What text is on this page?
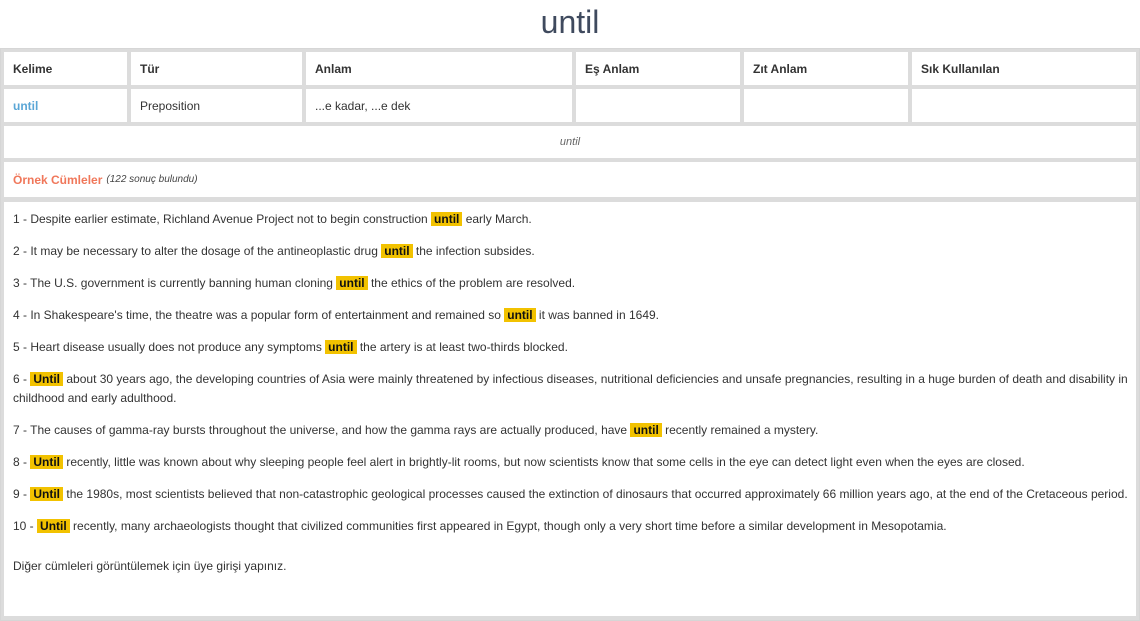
until
Kelime	Tür	Anlam	Eş Anlam	Zıt Anlam	Sık Kullanılan
until	Preposition	...e kadar, ...e dek
until
Örnek Cümleler (122 sonuç bulundu)
1 - Despite earlier estimate, Richland Avenue Project not to begin construction until early March.
2 - It may be necessary to alter the dosage of the antineoplastic drug until the infection subsides.
3 - The U.S. government is currently banning human cloning until the ethics of the problem are resolved.
4 - In Shakespeare's time, the theatre was a popular form of entertainment and remained so until it was banned in 1649.
5 - Heart disease usually does not produce any symptoms until the artery is at least two-thirds blocked.
6 - Until about 30 years ago, the developing countries of Asia were mainly threatened by infectious diseases, nutritional deficiencies and unsafe pregnancies, resulting in a huge burden of death and disability in childhood and early adulthood.
7 - The causes of gamma-ray bursts throughout the universe, and how the gamma rays are actually produced, have until recently remained a mystery.
8 - Until recently, little was known about why sleeping people feel alert in brightly-lit rooms, but now scientists know that some cells in the eye can detect light even when the eyes are closed.
9 - Until the 1980s, most scientists believed that non-catastrophic geological processes caused the extinction of dinosaurs that occurred approximately 66 million years ago, at the end of the Cretaceous period.
10 - Until recently, many archaeologists thought that civilized communities first appeared in Egypt, though only a very short time before a similar development in Mesopotamia.
Diğer cümleleri görüntülemek için üye girişi yapınız.
